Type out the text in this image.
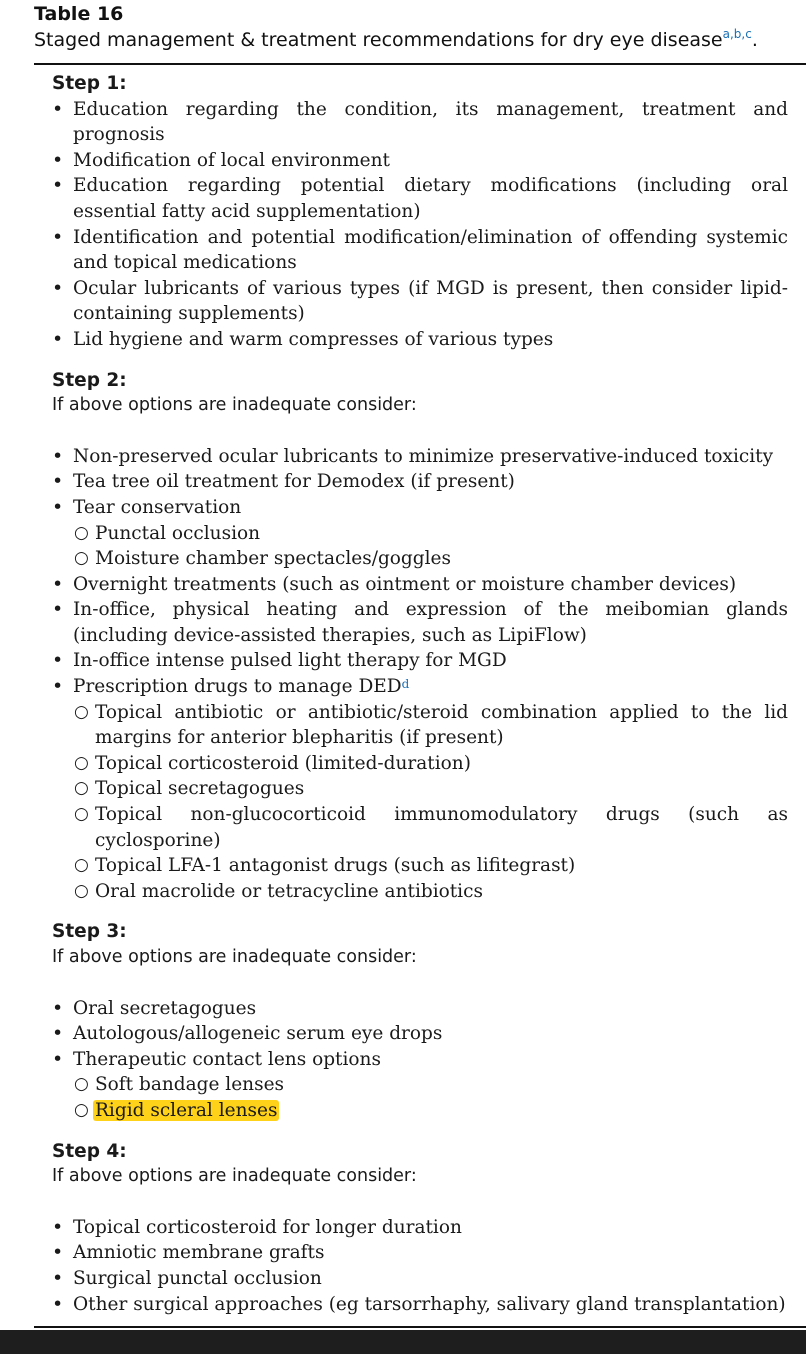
Table 16
Staged management & treatment recommendations for dry eye disease$^{a,b,c}$.

Step 1:

• Education regarding the condition, its management, treatment and prognosis
• Modification of local environment
• Education regarding potential dietary modifications (including oral essential fatty acid supplementation)
• Identification and potential modification/elimination of offending systemic and topical medications
• Ocular lubricants of various types (if MGD is present, then consider lipid-containing supplements)
• Lid hygiene and warm compresses of various types

Step 2:

If above options are inadequate consider:

• Non-preserved ocular lubricants to minimize preservative-induced toxicity
• Tea tree oil treatment for Demodex (if present)
• Tear conservation
○ Punctal occlusion
○ Moisture chamber spectacles/goggles
• Overnight treatments (such as ointment or moisture chamber devices)
• In-office, physical heating and expression of the meibomian glands (including device-assisted therapies, such as LipiFlow)
• In-office intense pulsed light therapy for MGD
• Prescription drugs to manage DED$^d$
○ Topical antibiotic or antibiotic/steroid combination applied to the lid margins for anterior blepharitis (if present)
○ Topical corticosteroid (limited-duration)
○ Topical secretagogues
○ Topical non-glucocorticoid immunomodulatory drugs (such as cyclosporine)
○ Topical LFA-1 antagonist drugs (such as lifitegrast)
○ Oral macrolide or tetracycline antibiotics

Step 3:

If above options are inadequate consider:

• Oral secretagogues
• Autologous/allogeneic serum eye drops
• Therapeutic contact lens options
○ Soft bandage lenses
○ Rigid scleral lenses

Step 4:

If above options are inadequate consider:

• Topical corticosteroid for longer duration
• Amniotic membrane grafts
• Surgical punctal occlusion
• Other surgical approaches (eg tarsorrhaphy, salivary gland transplantation)
